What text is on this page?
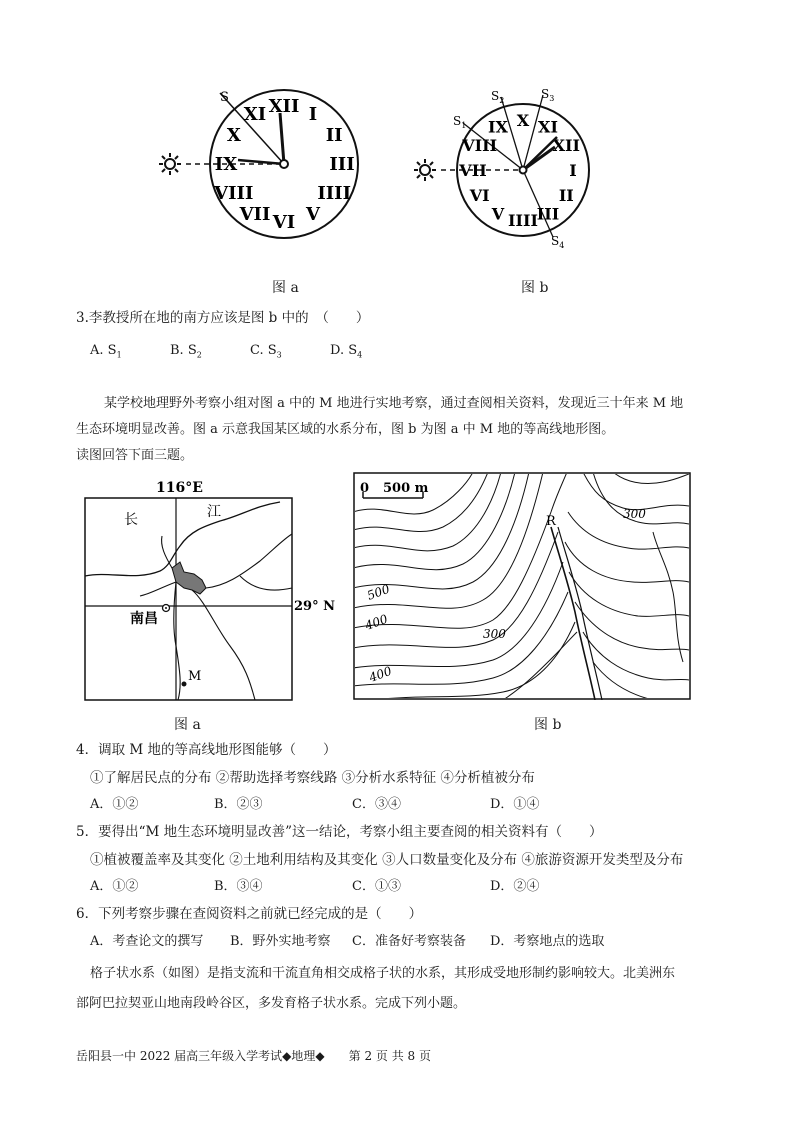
S XII I
II
III
IIII
V
VI
VII
VIII
IX
X
XI	$S_1$
$S_2$	$S_3$
$S_4$
XII
I
II
III
IIII
V
VI
VII
VIII
IX X XI
图 a	图 b
3.李教授所在地的南方应该是图 b 中的　（　　）
A. $S_1$	B. $S_2$	C. $S_3$	D. $S_4$
某学校地理野外考察小组对图 a 中的 M 地进行实地考察，通过查阅相关资料，发现近三十年来 M 地
生态环境明显改善。图 a 示意我国某区域的水系分布，图 b 为图 a 中 M 地的等高线地形图。
读图回答下面三题。
116°E
29° N
长	江
南昌
M
图 a
0 500 m
R	300
500
400
300
400
图 b
4．调取 M 地的等高线地形图能够（　　）
①了解居民点的分布 ②帮助选择考察线路 ③分析水系特征 ④分析植被分布
A．①②	B．②③	C．③④	D．①④
5．要得出“M 地生态环境明显改善”这一结论，考察小组主要查阅的相关资料有（　　）
①植被覆盖率及其变化 ②土地利用结构及其变化 ③人口数量变化及分布 ④旅游资源开发类型及分布
A．①②	B．③④	C．①③	D．②④
6．下列考察步骤在查阅资料之前就已经完成的是（　　）
A．考查论文的撰写 B．野外实地考察 C．准备好考察装备 D．考察地点的选取
格子状水系（如图）是指支流和干流直角相交成格子状的水系，其形成受地形制约影响较大。北美洲东
部阿巴拉契亚山地南段岭谷区，多发育格子状水系。完成下列小题。
岳阳县一中 2022 届高三年级入学考试◆地理◆　　第 2 页 共 8 页
